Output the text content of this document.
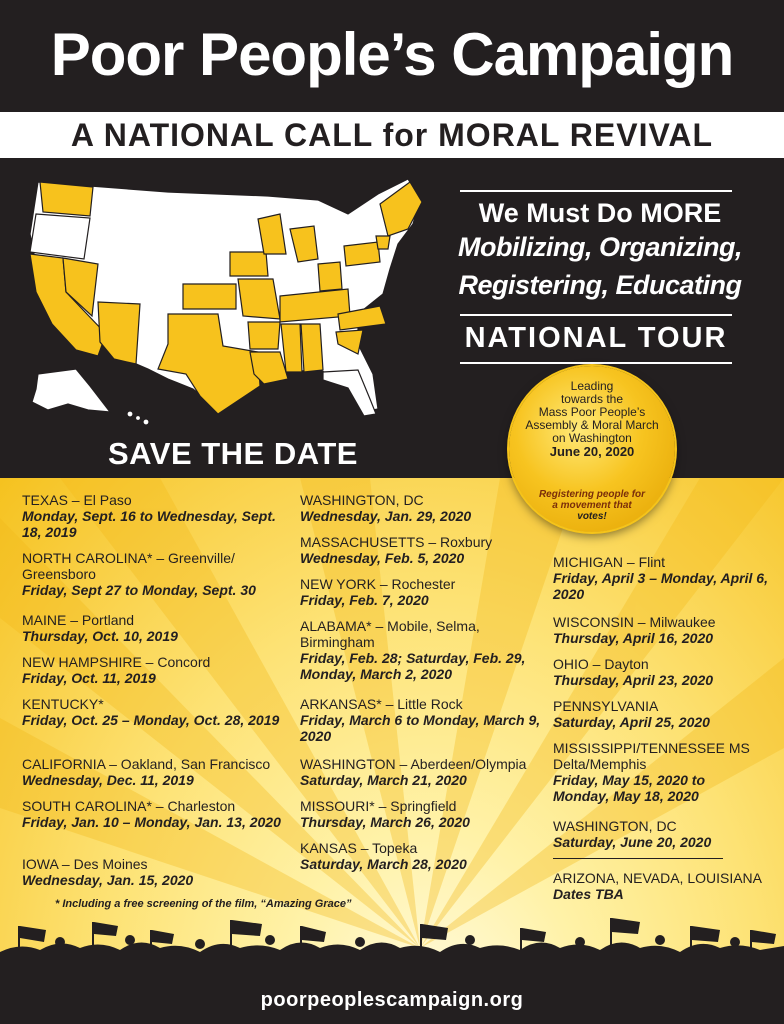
Poor People’s Campaign
A NATIONAL CALL for MORAL REVIVAL
We Must Do MORE
Mobilizing, Organizing,
Registering, Educating
NATIONAL TOUR
Leading
towards the
Mass Poor People’s
Assembly & Moral March
on Washington
June 20, 2020
Registering people for
a movement that
votes!
SAVE THE DATE
TEXAS – El Paso
Monday, Sept. 16 to Wednesday, Sept. 18, 2019
NORTH CAROLINA* – Greenville/ Greensboro
Friday, Sept 27 to Monday, Sept. 30
MAINE – Portland
Thursday, Oct. 10, 2019
NEW HAMPSHIRE – Concord
Friday, Oct. 11, 2019
KENTUCKY*
Friday, Oct. 25 – Monday, Oct. 28, 2019
CALIFORNIA – Oakland, San Francisco
Wednesday, Dec. 11, 2019
SOUTH CAROLINA* – Charleston
Friday, Jan. 10 – Monday, Jan. 13, 2020
IOWA – Des Moines
Wednesday, Jan. 15, 2020
WASHINGTON, DC
Wednesday, Jan. 29, 2020
MASSACHUSETTS – Roxbury
Wednesday, Feb. 5, 2020
NEW YORK – Rochester
Friday, Feb. 7, 2020
ALABAMA* – Mobile, Selma, Birmingham
Friday, Feb. 28; Saturday, Feb. 29, Monday, March 2, 2020
ARKANSAS* – Little Rock
Friday, March 6 to Monday, March 9, 2020
WASHINGTON – Aberdeen/Olympia
Saturday, March 21, 2020
MISSOURI* – Springfield
Thursday, March 26, 2020
KANSAS – Topeka
Saturday, March 28, 2020
MICHIGAN – Flint
Friday, April 3 – Monday, April 6, 2020
WISCONSIN – Milwaukee
Thursday, April 16, 2020
OHIO – Dayton
Thursday, April 23, 2020
PENNSYLVANIA
Saturday, April 25, 2020
MISSISSIPPI/TENNESSEE MS Delta/Memphis
Friday, May 15, 2020 to Monday, May 18, 2020
WASHINGTON, DC
Saturday, June 20, 2020
ARIZONA, NEVADA, LOUISIANA
Dates TBA
* Including a free screening of the film, “Amazing Grace”
poorpeoplescampaign.org
